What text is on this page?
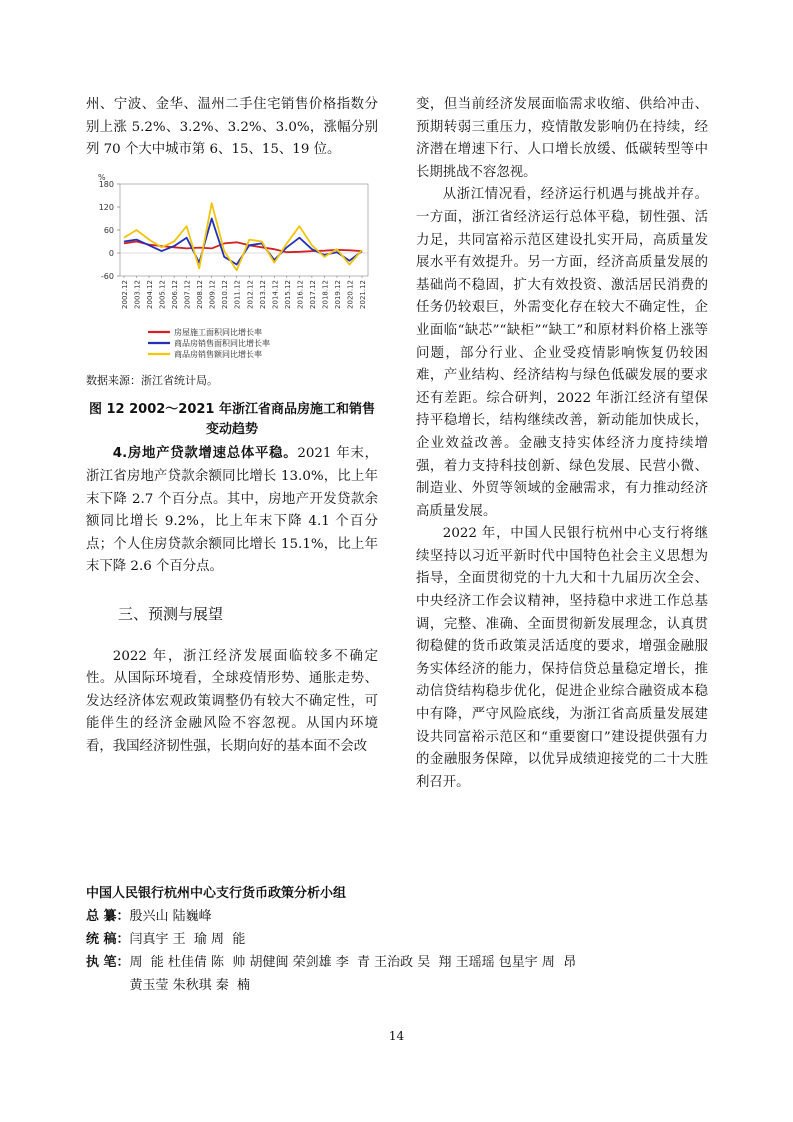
州、宁波、金华、温州二手住宅销售价格指数分别上涨 5.2%、3.2%、3.2%、3.0%，涨幅分别列 70 个大中城市第 6、15、15、19 位。

%
-60
0
60
120
180
2002.12 2003.12 2004.12 2005.12 2006.12 2007.12 2008.12 2009.12 2010.12 2011.12 2012.12 2013.12 2014.12 2015.12 2016.12 2017.12 2018.12 2019.12 2020.12 2021.12
房屋施工面积同比增长率
商品房销售面积同比增长率
商品房销售额同比增长率
数据来源：浙江省统计局。
图 12 2002～2021 年浙江省商品房施工和销售变动趋势

4.房地产贷款增速总体平稳。2021 年末，浙江省房地产贷款余额同比增长 13.0%，比上年末下降 2.7 个百分点。其中，房地产开发贷款余额同比增长 9.2%，比上年末下降 4.1 个百分点；个人住房贷款余额同比增长 15.1%，比上年末下降 2.6 个百分点。

三、预测与展望

2022 年，浙江经济发展面临较多不确定性。从国际环境看，全球疫情形势、通胀走势、发达经济体宏观政策调整仍有较大不确定性，可能伴生的经济金融风险不容忽视。从国内环境看，我国经济韧性强，长期向好的基本面不会改

变，但当前经济发展面临需求收缩、供给冲击、预期转弱三重压力，疫情散发影响仍在持续，经济潜在增速下行、人口增长放缓、低碳转型等中长期挑战不容忽视。

从浙江情况看，经济运行机遇与挑战并存。一方面，浙江省经济运行总体平稳，韧性强、活力足，共同富裕示范区建设扎实开局，高质量发展水平有效提升。另一方面，经济高质量发展的基础尚不稳固，扩大有效投资、激活居民消费的任务仍较艰巨，外需变化存在较大不确定性，企业面临“缺芯”“缺柜”“缺工”和原材料价格上涨等问题，部分行业、企业受疫情影响恢复仍较困难，产业结构、经济结构与绿色低碳发展的要求还有差距。综合研判，2022 年浙江经济有望保持平稳增长，结构继续改善，新动能加快成长，企业效益改善。金融支持实体经济力度持续增强，着力支持科技创新、绿色发展、民营小微、制造业、外贸等领域的金融需求，有力推动经济高质量发展。

2022 年，中国人民银行杭州中心支行将继续坚持以习近平新时代中国特色社会主义思想为指导，全面贯彻党的十九大和十九届历次全会、中央经济工作会议精神，坚持稳中求进工作总基调，完整、准确、全面贯彻新发展理念，认真贯彻稳健的货币政策灵活适度的要求，增强金融服务实体经济的能力，保持信贷总量稳定增长，推动信贷结构稳步优化，促进企业综合融资成本稳中有降，严守风险底线，为浙江省高质量发展建设共同富裕示范区和“重要窗口”建设提供强有力的金融服务保障，以优异成绩迎接党的二十大胜利召开。

中国人民银行杭州中心支行货币政策分析小组
总 纂： 殷兴山 陆巍峰
统 稿： 闫真宇 王  瑜 周  能
执 笔： 周  能 杜佳倩 陈  帅 胡健闽 荣剑雄 李  青 王治政 吴  翔 王瑶瑶 包星宇 周  昂
黄玉莹 朱秋琪 秦  楠
14
